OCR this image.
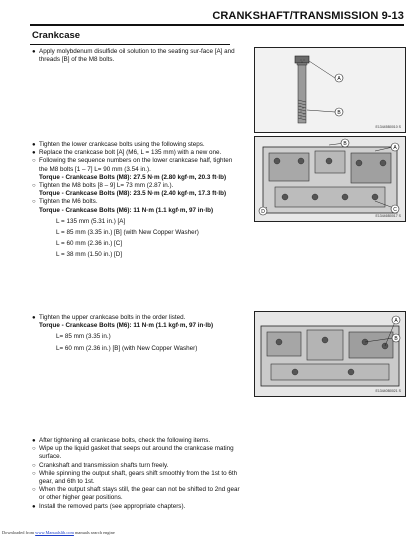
CRANKSHAFT/TRANSMISSION 9-13
Crankcase

● Apply molybdenum disulfide oil solution to the seating sur-face [A] and threads [B] of the M8 bolts.

A
B
E13445B0010 S

● Tighten the lower crankcase bolts using the following steps.

● Replace the crankcase bolt [A] (M6, L = 135 mm) with a new one.

○ Following the sequence numbers on the lower crankcase half, tighten the M8 bolts [1 – 7] L= 90 mm (3.54 in.).

Torque - Crankcase Bolts (M8): 27.5 N·m (2.80 kgf·m, 20.3 ft·lb)

○ Tighten the M8 bolts [8 – 9] L= 73 mm (2.87 in.).

Torque - Crankcase Bolts (M8): 23.5 N·m (2.40 kgf·m, 17.3 ft·lb)

○ Tighten the M6 bolts.

Torque - Crankcase Bolts (M6): 11 N·m (1.1 kgf·m, 97 in·lb)

L = 135 mm (5.31 in.) [A]

L = 85 mm (3.35 in.) [B] (with New Copper Washer)

L = 60 mm (2.36 in.) [C]

L = 38 mm (1.50 in.) [D]

B
A
C
D
E13446B0017 S

● Tighten the upper crankcase bolts in the order listed.

Torque - Crankcase Bolts (M6): 11 N·m (1.1 kgf·m, 97 in·lb)

L= 85 mm (3.35 in.)

L= 60 mm (2.36 in.) [B] (with New Copper Washer)

A
B
E13440B0021 S

● After tightening all crankcase bolts, check the following items.

○ Wipe up the liquid gasket that seeps out around the crankcase mating surface.

○ Crankshaft and transmission shafts turn freely.

○ While spinning the output shaft, gears shift smoothly from the 1st to 6th gear, and 6th to 1st.

○ When the output shaft stays still, the gear can not be shifted to 2nd gear or other higher gear positions.

● Install the removed parts (see appropriate chapters).

Downloaded from www.Manualslib.com manuals search engine
